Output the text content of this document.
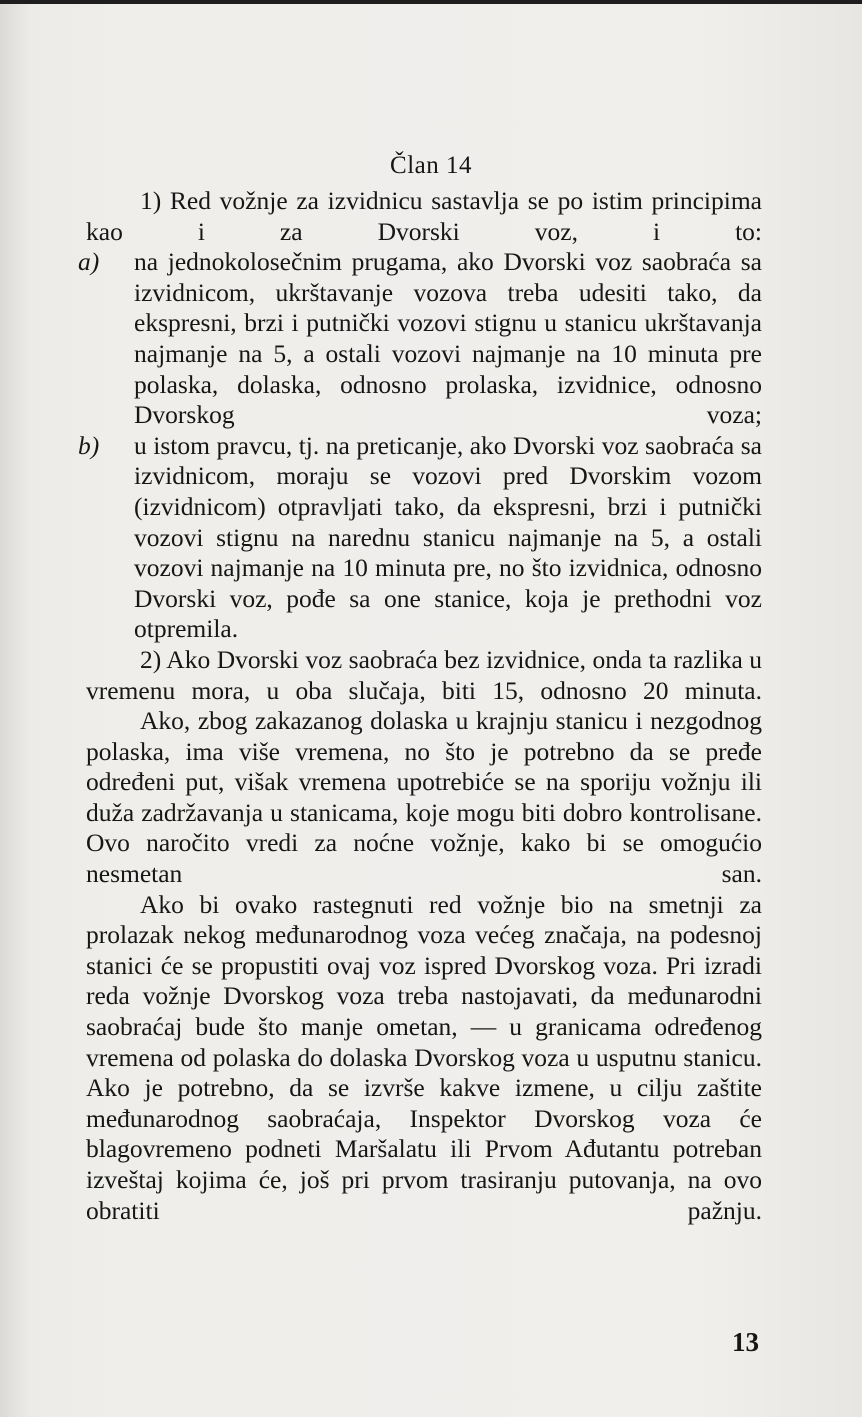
Član 14

1) Red vožnje za izvidnicu sastavlja se po istim principima kao i za Dvorski voz, i to:

a) na jednokolosečnim prugama, ako Dvorski voz saobraća sa izvidnicom, ukrštavanje vozova treba udesiti tako, da ekspresni, brzi i putnički vozovi stignu u stanicu ukrštavanja najmanje na 5, a ostali vozovi najmanje na 10 minuta pre polaska, dolaska, odnosno prolaska, izvidnice, odnosno Dvorskog voza;

b) u istom pravcu, tj. na preticanje, ako Dvorski voz saobraća sa izvidnicom, moraju se vozovi pred Dvorskim vozom (izvidnicom) otpravljati tako, da ekspresni, brzi i putnički vozovi stignu na narednu stanicu najmanje na 5, a ostali vozovi najmanje na 10 minuta pre, no što izvidnica, odnosno Dvorski voz, pođe sa one stanice, koja je prethodni voz otpremila.

2) Ako Dvorski voz saobraća bez izvidnice, onda ta razlika u vremenu mora, u oba slučaja, biti 15, odnosno 20 minuta.

Ako, zbog zakazanog dolaska u krajnju stanicu i nezgodnog polaska, ima više vremena, no što je potrebno da se pređe određeni put, višak vremena upotrebiće se na sporiju vožnju ili duža zadržavanja u stanicama, koje mogu biti dobro kontrolisane. Ovo naročito vredi za noćne vožnje, kako bi se omogućio nesmetan san.

Ako bi ovako rastegnuti red vožnje bio na smetnji za prolazak nekog međunarodnog voza većeg značaja, na podesnoj stanici će se propustiti ovaj voz ispred Dvorskog voza. Pri izradi reda vožnje Dvorskog voza treba nastojavati, da međunarodni saobraćaj bude što manje ometan, — u granicama određenog vremena od polaska do dolaska Dvorskog voza u usputnu stanicu. Ako je potrebno, da se izvrše kakve izmene, u cilju zaštite međunarodnog saobraćaja, Inspektor Dvorskog voza će blagovremeno podneti Maršalatu ili Prvom Ađutantu potreban izveštaj kojima će, još pri prvom trasiranju putovanja, na ovo obratiti pažnju.

13
